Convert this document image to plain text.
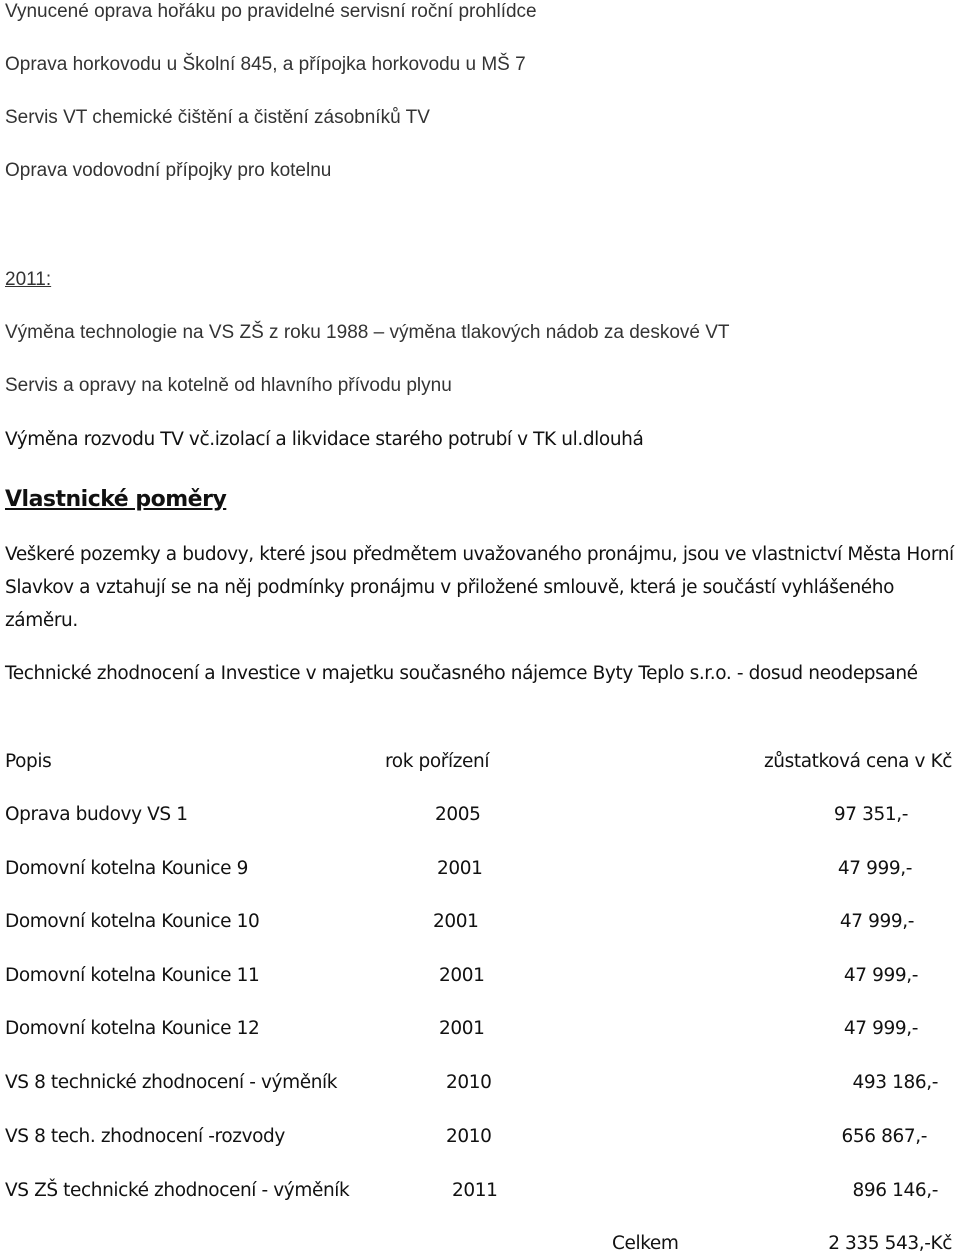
Vynucené oprava hořáku po pravidelné servisní roční prohlídce
Oprava horkovodu u Školní 845, a přípojka horkovodu u MŠ 7
Servis VT chemické čištění a čistění zásobníků TV
Oprava vodovodní přípojky pro kotelnu
2011:
Výměna technologie na VS ZŠ z roku 1988 – výměna tlakových nádob za deskové VT
Servis a opravy na kotelně od hlavního přívodu plynu
Výměna rozvodu TV vč.izolací a likvidace starého potrubí v TK ul.dlouhá
Vlastnické poměry

Veškeré pozemky a budovy, které jsou předmětem uvažovaného pronájmu, jsou ve vlastnictví Města Horní Slavkov a vztahují se na něj podmínky pronájmu v přiložené smlouvě, která je součástí vyhlášeného záměru.

Technické zhodnocení a Investice v majetku současného nájemce Byty Teplo s.r.o. - dosud neodepsané

Popis	rok pořízení	zůstatková cena v Kč
Oprava budovy VS 1	2005	97 351,-
Domovní kotelna Kounice 9	2001	47 999,-
Domovní kotelna Kounice 10	2001	47 999,-
Domovní kotelna Kounice 11	2001	47 999,-
Domovní kotelna Kounice 12	2001	47 999,-
VS 8 technické zhodnocení - výměník	2010	493 186,-
VS 8 tech. zhodnocení -rozvody	2010	656 867,-
VS ZŠ technické zhodnocení - výměník	2011	896 146,-
Celkem	2 335 543,-Kč
